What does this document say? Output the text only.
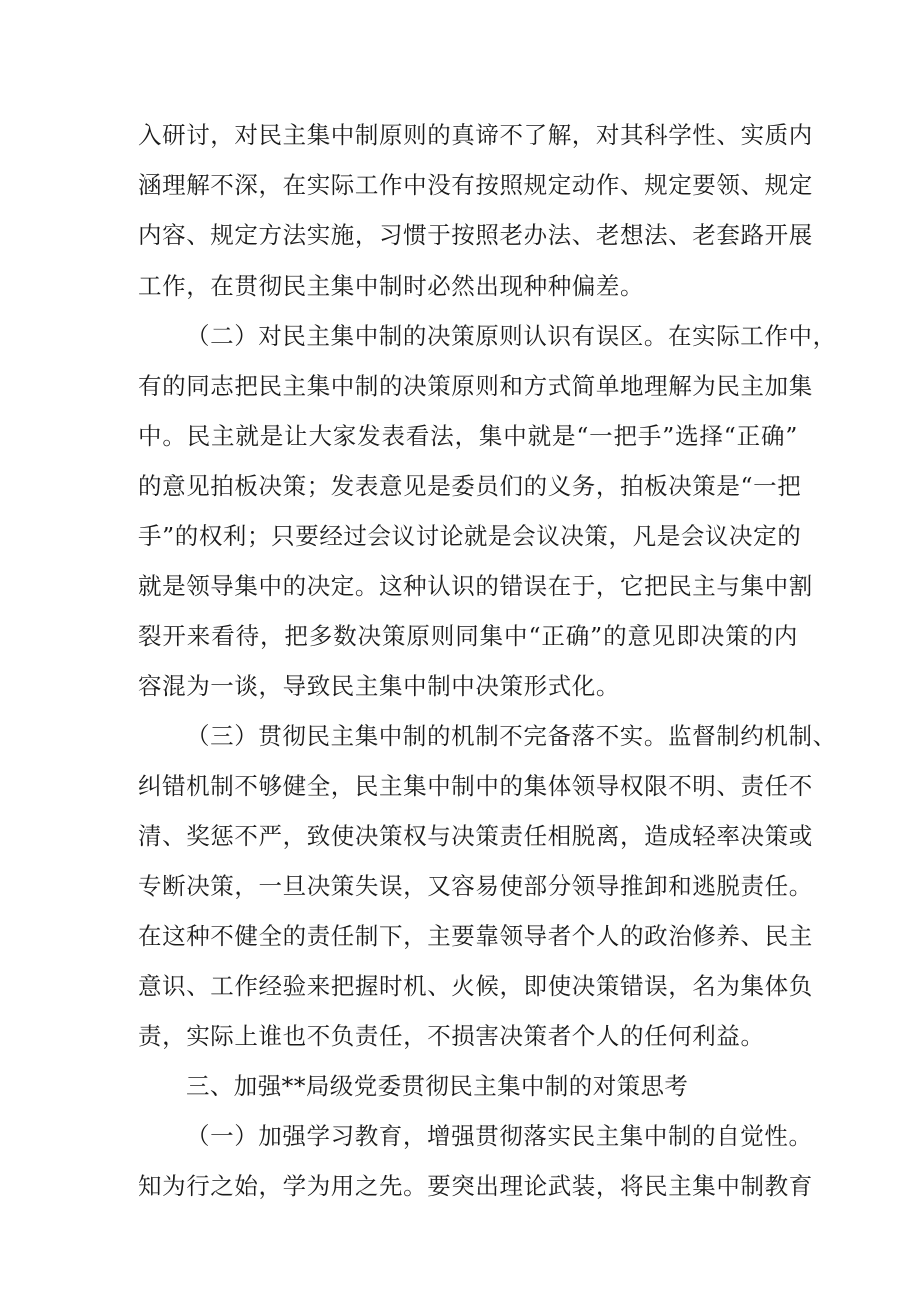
入研讨，对民主集中制原则的真谛不了解，对其科学性、实质内
涵理解不深，在实际工作中没有按照规定动作、规定要领、规定
内容、规定方法实施，习惯于按照老办法、老想法、老套路开展
工作，在贯彻民主集中制时必然出现种种偏差。
（二）对民主集中制的决策原则认识有误区。在实际工作中，
有的同志把民主集中制的决策原则和方式简单地理解为民主加集
中。民主就是让大家发表看法，集中就是“一把手”选择“正确”
的意见拍板决策；发表意见是委员们的义务，拍板决策是“一把
手”的权利；只要经过会议讨论就是会议决策，凡是会议决定的
就是领导集中的决定。这种认识的错误在于，它把民主与集中割
裂开来看待，把多数决策原则同集中“正确”的意见即决策的内
容混为一谈，导致民主集中制中决策形式化。
（三）贯彻民主集中制的机制不完备落不实。监督制约机制、
纠错机制不够健全，民主集中制中的集体领导权限不明、责任不
清、奖惩不严，致使决策权与决策责任相脱离，造成轻率决策或
专断决策，一旦决策失误，又容易使部分领导推卸和逃脱责任。
在这种不健全的责任制下，主要靠领导者个人的政治修养、民主
意识、工作经验来把握时机、火候，即使决策错误，名为集体负
责，实际上谁也不负责任，不损害决策者个人的任何利益。
三、加强**局级党委贯彻民主集中制的对策思考
（一）加强学习教育，增强贯彻落实民主集中制的自觉性。
知为行之始，学为用之先。要突出理论武装，将民主集中制教育
